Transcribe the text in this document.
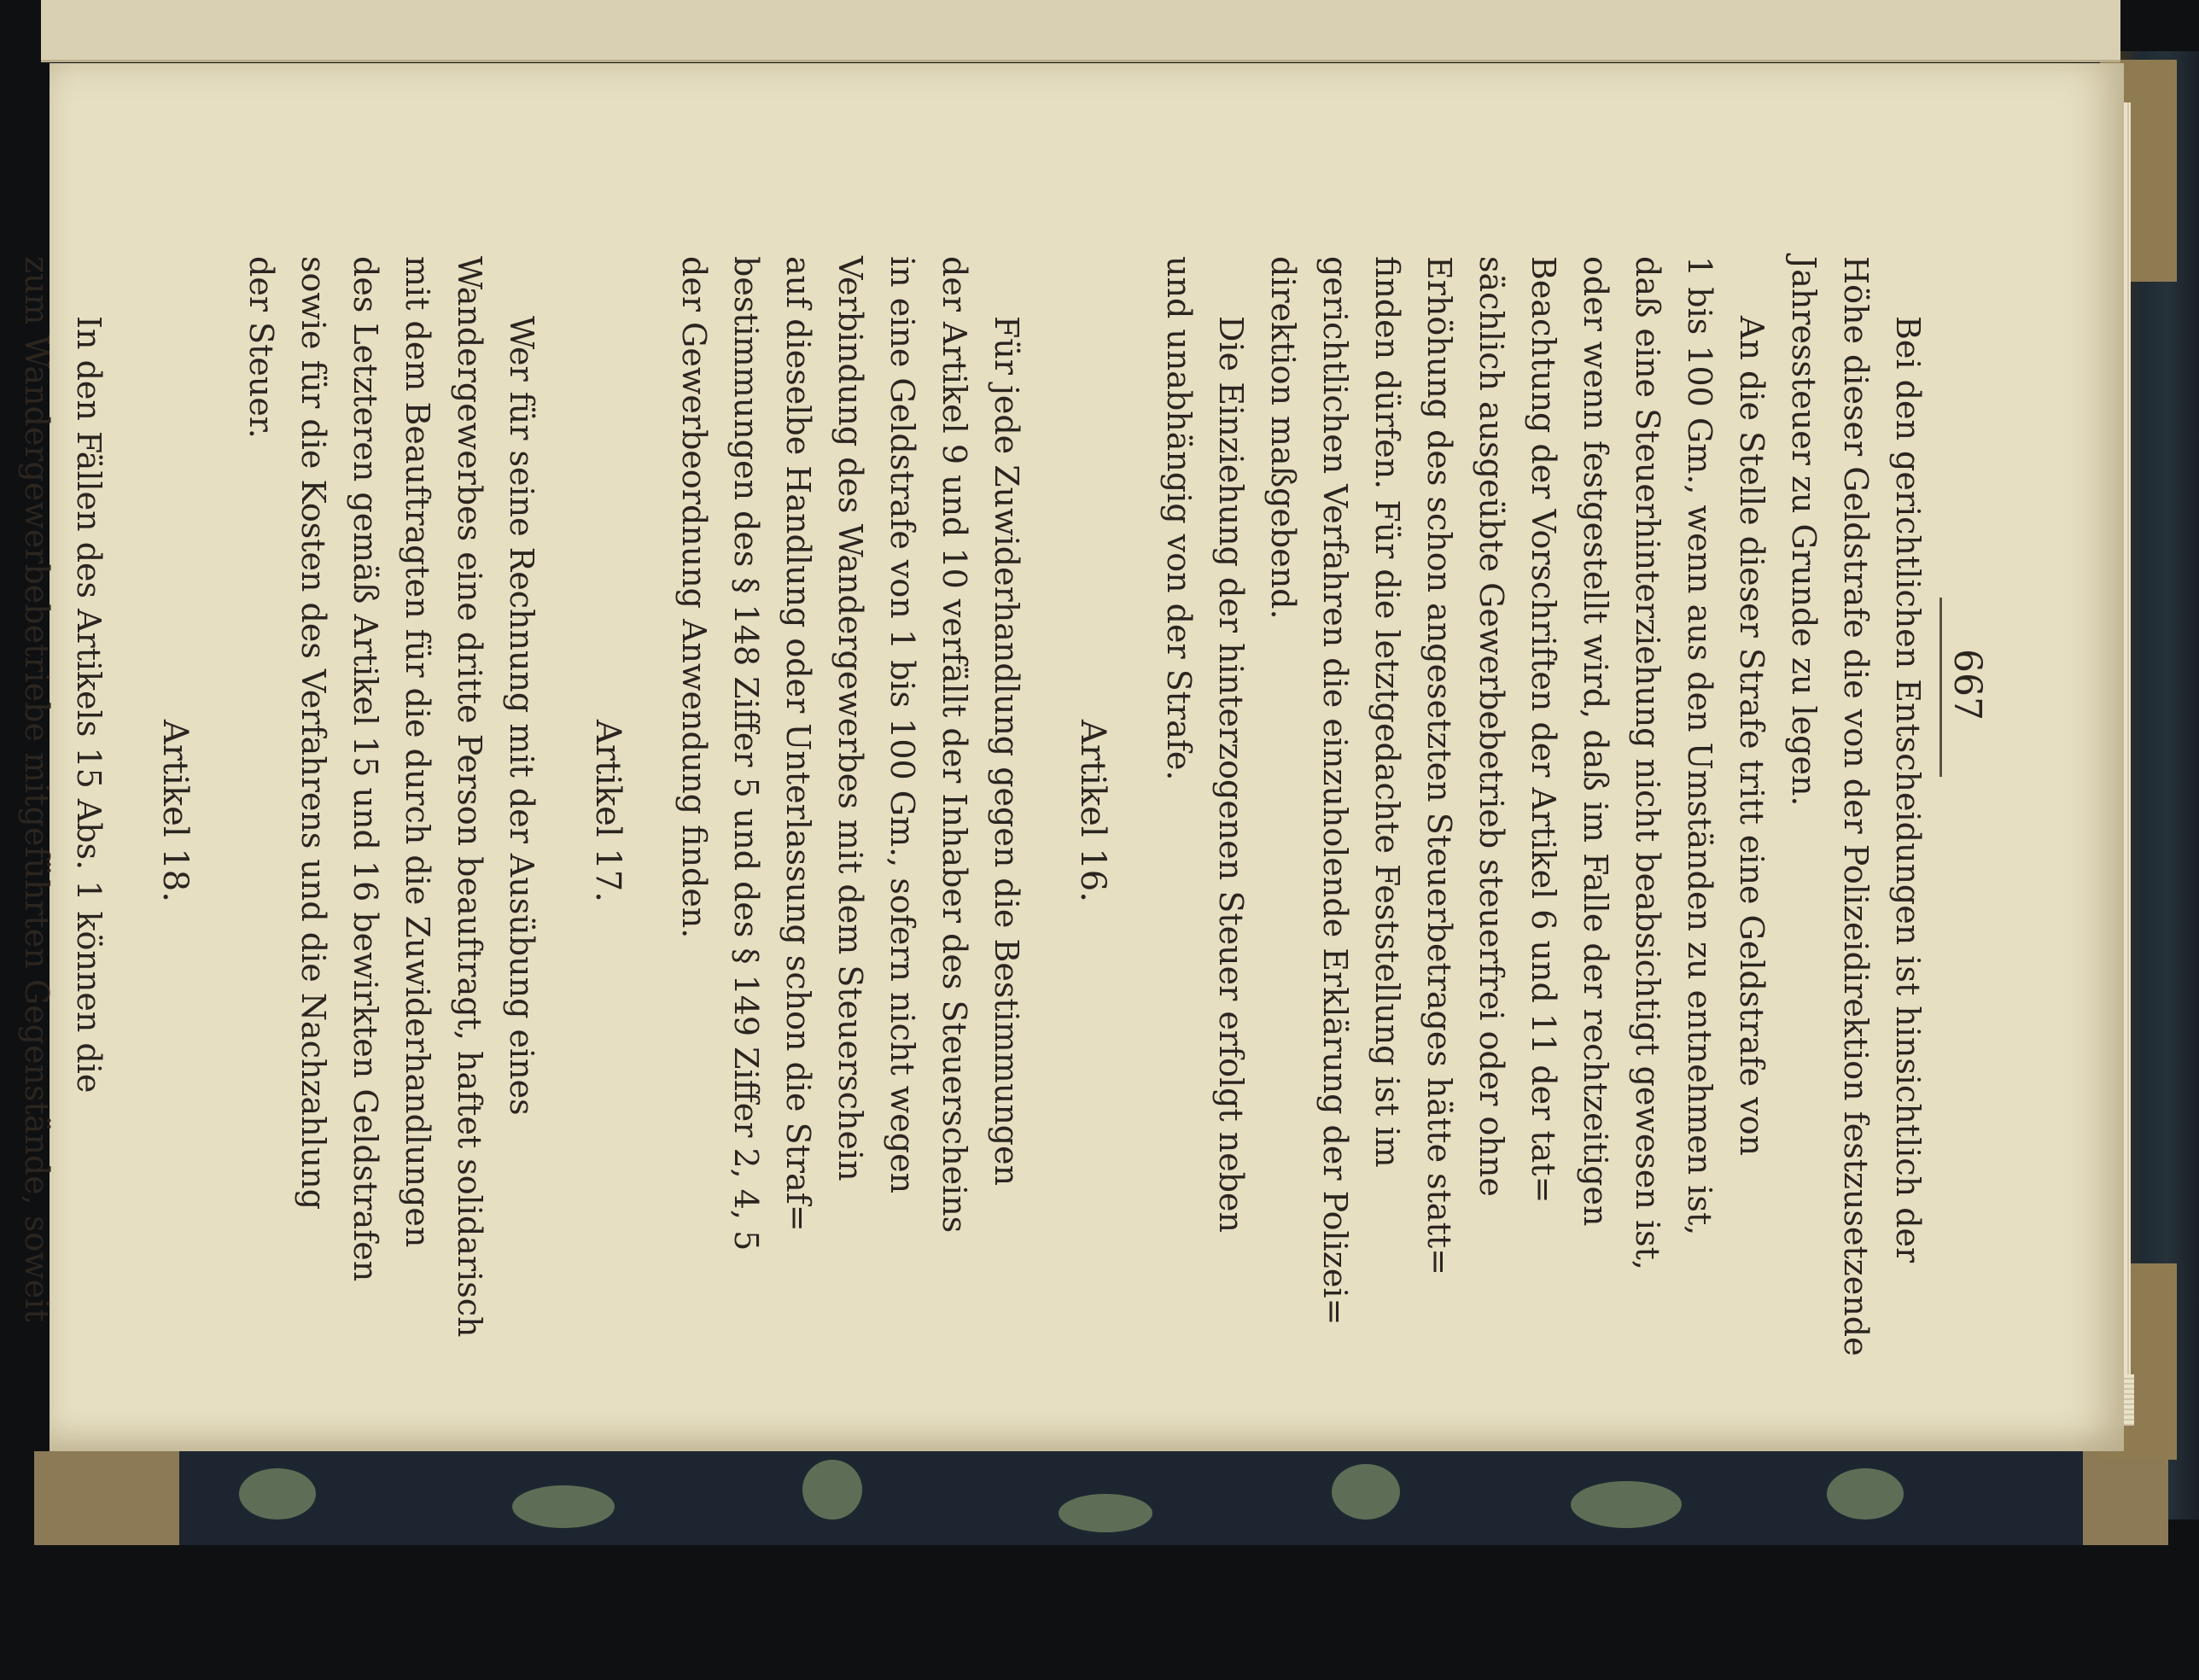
667

Bei den gerichtlichen Entscheidungen ist hinsichtlich der
Höhe dieser Geldstrafe die von der Polizeidirektion festzusetzende
Jahressteuer zu Grunde zu legen.

An die Stelle dieser Strafe tritt eine Geldstrafe von
1 bis 100 Gm., wenn aus den Umständen zu entnehmen ist,
daß eine Steuerhinterziehung nicht beabsichtigt gewesen ist,
oder wenn festgestellt wird, daß im Falle der rechtzeitigen
Beachtung der Vorschriften der Artikel 6 und 11 der tat=
sächlich ausgeübte Gewerbebetrieb steuerfrei oder ohne
Erhöhung des schon angesetzten Steuerbetrages hätte statt=
finden dürfen. Für die letztgedachte Feststellung ist im
gerichtlichen Verfahren die einzuholende Erklärung der Polizei=
direktion maßgebend.

Die Einziehung der hinterzogenen Steuer erfolgt neben
und unabhängig von der Strafe.

Artikel 16.

Für jede Zuwiderhandlung gegen die Bestimmungen
der Artikel 9 und 10 verfällt der Inhaber des Steuerscheins
in eine Geldstrafe von 1 bis 100 Gm., sofern nicht wegen
Verbindung des Wandergewerbes mit dem Steuerschein
auf dieselbe Handlung oder Unterlassung schon die Straf=
bestimmungen des § 148 Ziffer 5 und des § 149 Ziffer 2, 4, 5
der Gewerbeordnung Anwendung finden.

Artikel 17.

Wer für seine Rechnung mit der Ausübung eines
Wandergewerbes eine dritte Person beauftragt, haftet solidarisch
mit dem Beauftragten für die durch die Zuwiderhandlungen
des Letzteren gemäß Artikel 15 und 16 bewirkten Geldstrafen
sowie für die Kosten des Verfahrens und die Nachzahlung
der Steuer.

Artikel 18.

In den Fällen des Artikels 15 Abs. 1 können die
zum Wandergewerbebetriebe mitgeführten Gegenstände, soweit
